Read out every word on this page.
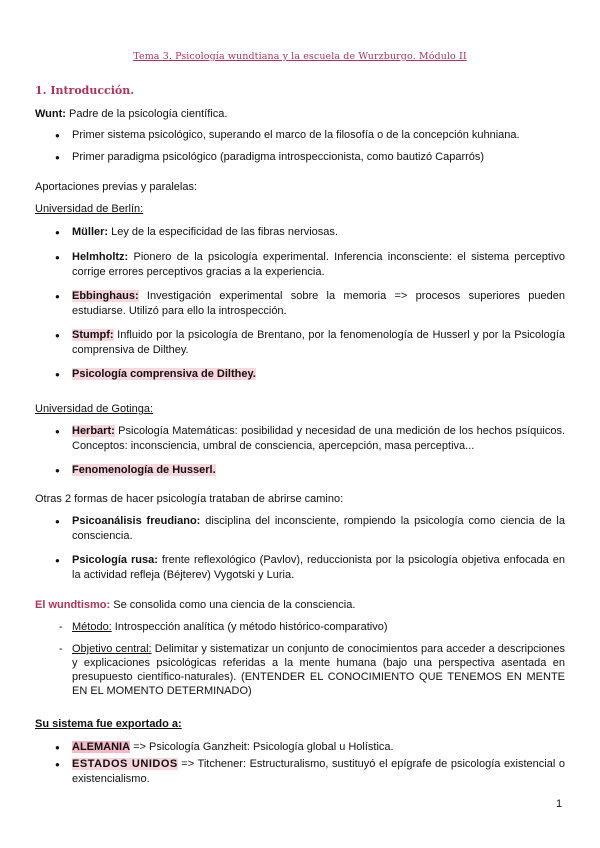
Tema 3. Psicología wundtiana y la escuela de Wurzburgo. Módulo II
1. Introducción.
Wunt: Padre de la psicología científica.
● Primer sistema psicológico, superando el marco de la filosofía o de la concepción kuhniana.
● Primer paradigma psicológico (paradigma introspeccionista, como bautizó Caparrós)
Aportaciones previas y paralelas:
Universidad de Berlín:
● Müller: Ley de la especificidad de las fibras nerviosas.
● Helmholtz: Pionero de la psicología experimental. Inferencia inconsciente: el sistema perceptivo corrige errores perceptivos gracias a la experiencia.
● Ebbinghaus: Investigación experimental sobre la memoria => procesos superiores pueden estudiarse. Utilizó para ello la introspección.
● Stumpf: Influido por la psicología de Brentano, por la fenomenología de Husserl y por la Psicología comprensiva de Dilthey.
● Psicología comprensiva de Dilthey.
Universidad de Gotinga:
● Herbart: Psicología Matemáticas: posibilidad y necesidad de una medición de los hechos psíquicos. Conceptos: inconsciencia, umbral de consciencia, apercepción, masa perceptiva...
● Fenomenología de Husserl.
Otras 2 formas de hacer psicología trataban de abrirse camino:
● Psicoanálisis freudiano: disciplina del inconsciente, rompiendo la psicología como ciencia de la consciencia.
● Psicología rusa: frente reflexológico (Pavlov), reduccionista por la psicología objetiva enfocada en la actividad refleja (Béjterev) Vygotski y Luria.
El wundtismo: Se consolida como una ciencia de la consciencia.
- Método: Introspección analítica (y método histórico-comparativo)
- Objetivo central: Delimitar y sistematizar un conjunto de conocimientos para acceder a descripciones y explicaciones psicológicas referidas a la mente humana (bajo una perspectiva asentada en presupuesto científico-naturales). (ENTENDER EL CONOCIMIENTO QUE TENEMOS EN MENTE EN EL MOMENTO DETERMINADO)
Su sistema fue exportado a:
● ALEMANIA => Psicología Ganzheit: Psicología global u Holística.
● ESTADOS UNIDOS => Titchener: Estructuralismo, sustituyó el epígrafe de psicología existencial o existencialismo.
1
